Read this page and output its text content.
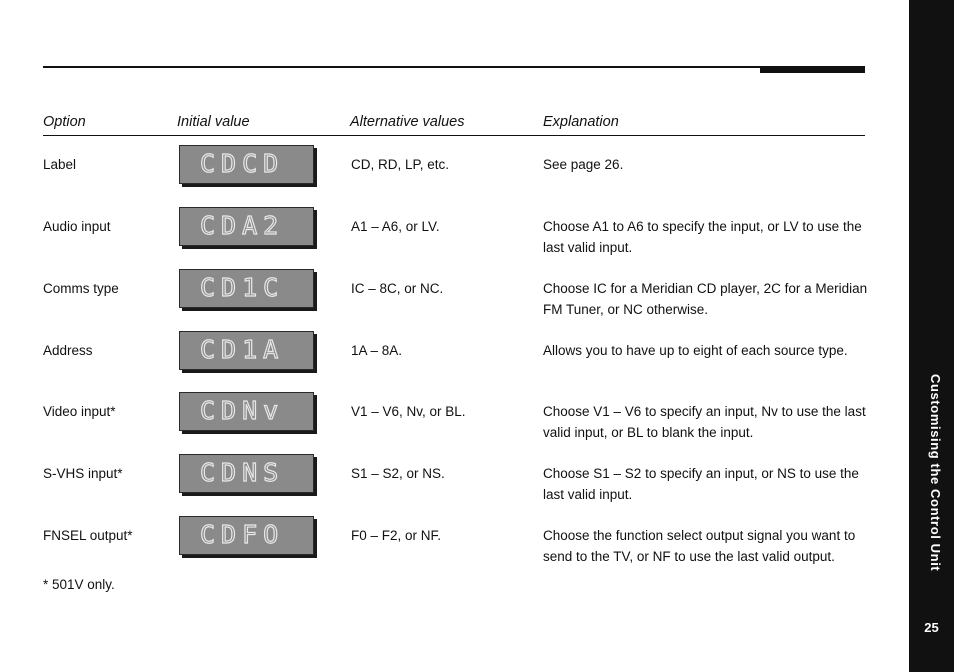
Option	Initial value	Alternative values	Explanation
Label	CDCD	CD, RD, LP, etc.	See page 26.
Audio input	CDA2	A1 – A6, or LV.	Choose A1 to A6 to specify the input, or LV to use the last valid input.
Comms type	CD1C	IC – 8C, or NC.	Choose IC for a Meridian CD player, 2C for a Meridian FM Tuner, or NC otherwise.
Address	CD1A	1A – 8A.	Allows you to have up to eight of each source type.
Video input*	CDNv	V1 – V6, Nv, or BL.	Choose V1 – V6 to specify an input, Nv to use the last valid input, or BL to blank the input.
S-VHS input*	CDNS	S1 – S2, or NS.	Choose S1 – S2 to specify an input, or NS to use the last valid input.
FNSEL output*	CDFO	F0 – F2, or NF.	Choose the function select output signal you want to send to the TV, or NF to use the last valid output.
* 501V only.
Customising the Control Unit
25
